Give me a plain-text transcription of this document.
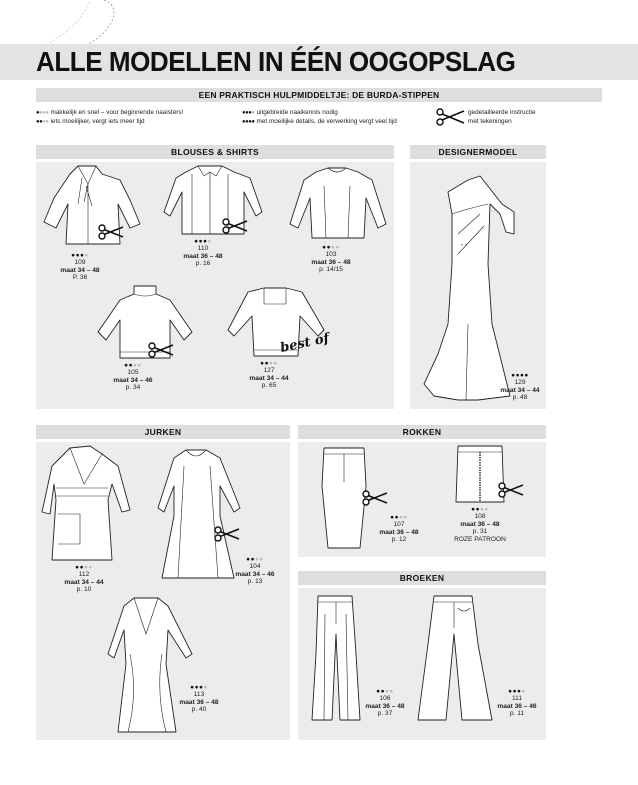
ALLE MODELLEN IN ÉÉN OOGOPSLAG
EEN PRAKTISCH HULPMIDDELTJE: DE BURDA-STIPPEN
●●●● makkelijk en snel – voor beginnende naaisters!
●●●● iets moeilijker, vergt iets meer tijd
●●●● uitgebreide naaikennis nodig
●●●● met moeilijke details, de verwerking vergt veel tijd
gedetailleerde instructie
met tekeningen
BLOUSES & SHIRTS	DESIGNERMODEL
JURKEN	ROKKEN
BROEKEN
●●●●
109
maat 34 – 48
P. 36
●●●●
110
maat 36 – 48
p. 16
●●●●
103
maat 36 – 48
p. 14/15
●●●●
105
maat 34 – 46
p. 34
best of
●●●●
127
maat 34 – 44
p. 65
●●●●
129
maat 34 – 44
p. 48
●●●●
112
maat 34 – 44
p. 10
●●●●
104
maat 34 – 46
p. 13
●●●●
113
maat 36 – 48
p. 40
●●●●
107
maat 36 – 48
p. 12
●●●●
108
maat 36 – 48
p. 31
ROZE PATROON
●●●●
106
maat 36 – 48
p. 37
●●●●
111
maat 36 – 46
p. 11
